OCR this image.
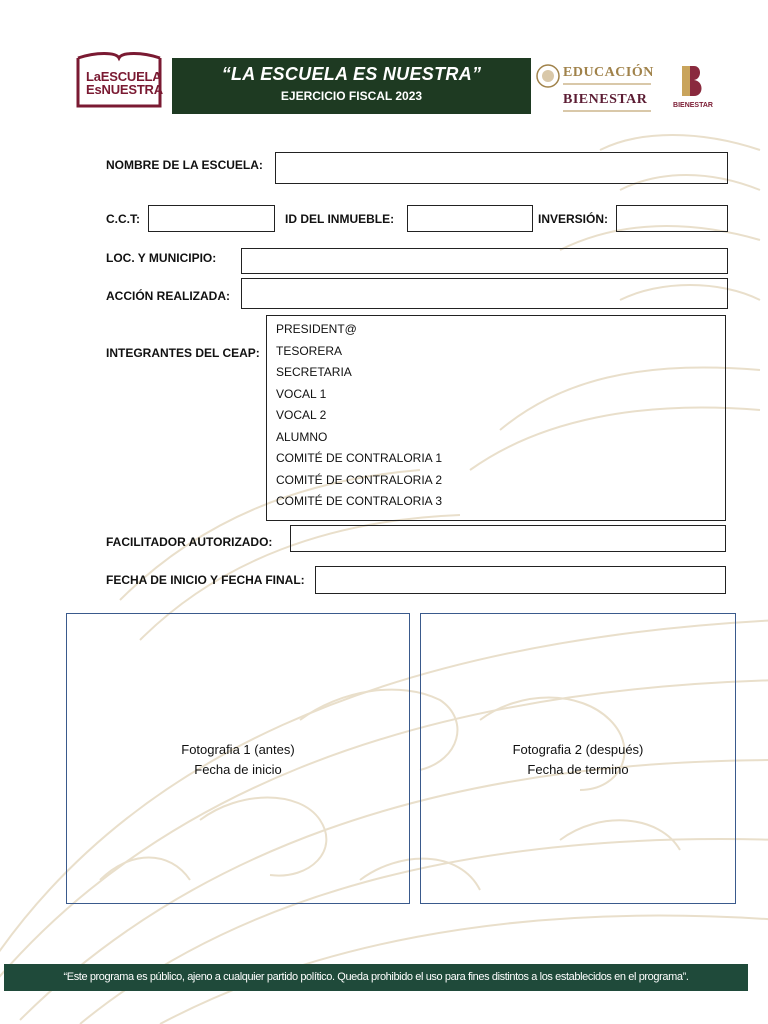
LaESCUELA
EsNUESTRA
“LA ESCUELA ES NUESTRA”
EJERCICIO FISCAL 2023
EDUCACIÓN
BIENESTAR	BIENESTAR
NOMBRE DE LA ESCUELA:
C.C.T:	ID DEL INMUEBLE:	INVERSIÓN:
LOC. Y MUNICIPIO:
ACCIÓN REALIZADA:
INTEGRANTES DEL CEAP:
PRESIDENT@
TESORERA
SECRETARIA
VOCAL 1
VOCAL 2
ALUMNO
COMITÉ DE CONTRALORIA 1
COMITÉ DE CONTRALORIA 2
COMITÉ DE CONTRALORIA 3
FACILITADOR AUTORIZADO:
FECHA DE INICIO Y FECHA FINAL:
Fotografia 1 (antes)
Fecha de inicio
Fotografia 2 (después)
Fecha de termino
“Este programa es público, ajeno a cualquier partido político. Queda prohibido el uso para fines distintos a los establecidos en el programa”.
